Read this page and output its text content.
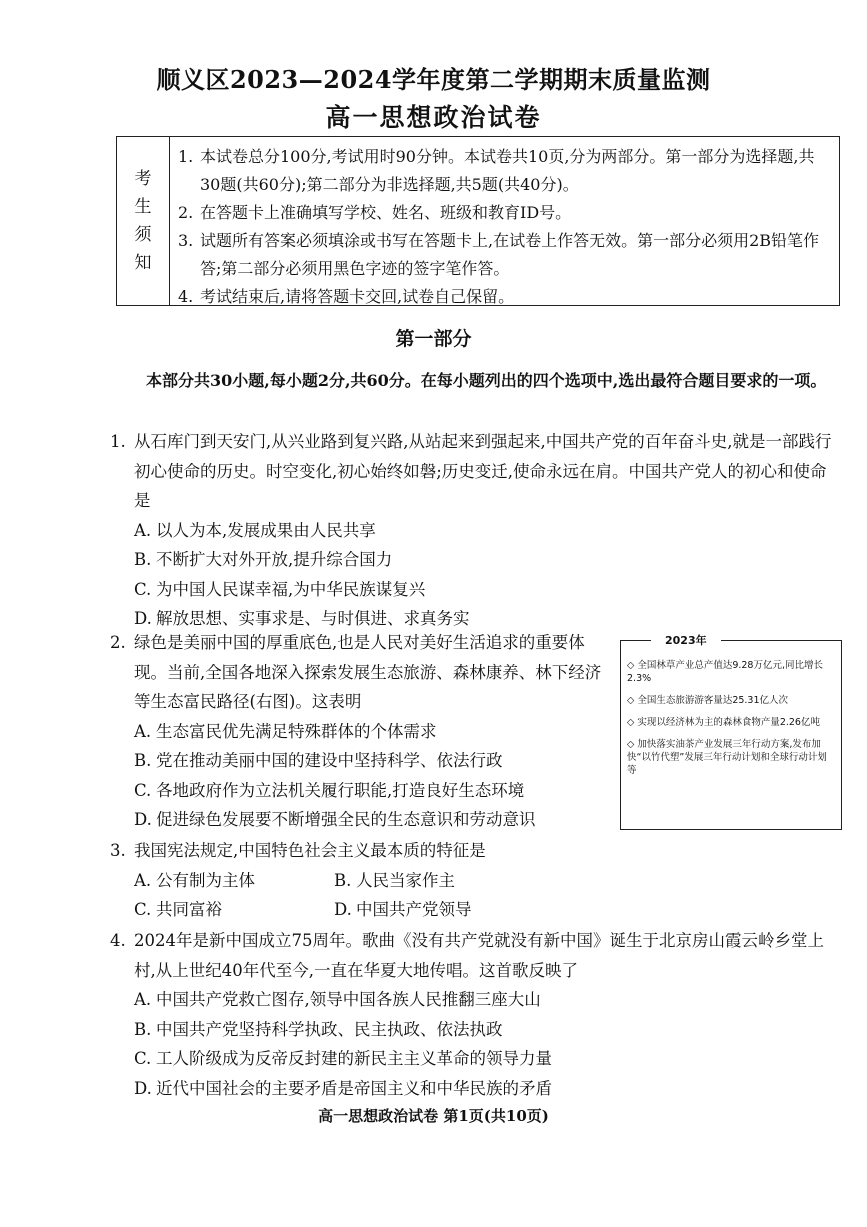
顺义区2023—2024学年度第二学期期末质量监测
高一思想政治试卷
考
生
须
知
1. 本试卷总分100分,考试用时90分钟。本试卷共10页,分为两部分。第一部分为选择题,共30题(共60分);第二部分为非选择题,共5题(共40分)。
2. 在答题卡上准确填写学校、姓名、班级和教育ID号。
3. 试题所有答案必须填涂或书写在答题卡上,在试卷上作答无效。第一部分必须用2B铅笔作答;第二部分必须用黑色字迹的签字笔作答。
4. 考试结束后,请将答题卡交回,试卷自己保留。
第一部分
本部分共30小题,每小题2分,共60分。在每小题列出的四个选项中,选出最符合题目要求的一项。
1. 从石库门到天安门,从兴业路到复兴路,从站起来到强起来,中国共产党的百年奋斗史,就是一部践行初心使命的历史。时空变化,初心始终如磐;历史变迁,使命永远在肩。中国共产党人的初心和使命是
A. 以人为本,发展成果由人民共享
B. 不断扩大对外开放,提升综合国力
C. 为中国人民谋幸福,为中华民族谋复兴
D. 解放思想、实事求是、与时俱进、求真务实
2. 绿色是美丽中国的厚重底色,也是人民对美好生活追求的重要体现。当前,全国各地深入探索发展生态旅游、森林康养、林下经济等生态富民路径(右图)。这表明
A. 生态富民优先满足特殊群体的个体需求
B. 党在推动美丽中国的建设中坚持科学、依法行政
C. 各地政府作为立法机关履行职能,打造良好生态环境
D. 促进绿色发展要不断增强全民的生态意识和劳动意识
2023年
◇ 全国林草产业总产值达9.28万亿元,同比增长2.3%
◇ 全国生态旅游游客量达25.31亿人次
◇ 实现以经济林为主的森林食物产量2.26亿吨
◇ 加快落实油茶产业发展三年行动方案,发布加快“以竹代塑”发展三年行动计划和全球行动计划等
3. 我国宪法规定,中国特色社会主义最本质的特征是
A. 公有制为主体	B. 人民当家作主
C. 共同富裕	D. 中国共产党领导
4. 2024年是新中国成立75周年。歌曲《没有共产党就没有新中国》诞生于北京房山霞云岭乡堂上村,从上世纪40年代至今,一直在华夏大地传唱。这首歌反映了
A. 中国共产党救亡图存,领导中国各族人民推翻三座大山
B. 中国共产党坚持科学执政、民主执政、依法执政
C. 工人阶级成为反帝反封建的新民主主义革命的领导力量
D. 近代中国社会的主要矛盾是帝国主义和中华民族的矛盾
高一思想政治试卷 第1页(共10页)
